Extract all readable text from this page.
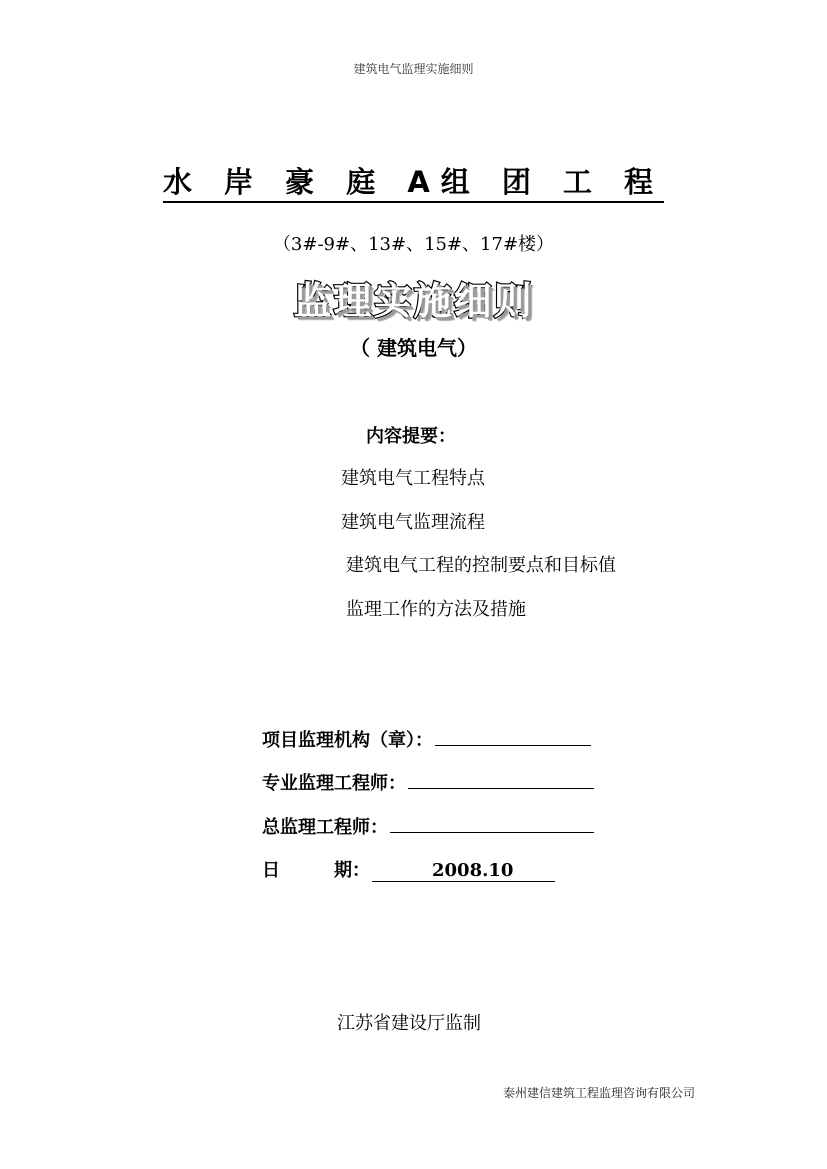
建筑电气监理实施细则
水 岸 豪 庭 A组 团 工 程
（3#-9#、13#、15#、17#楼）
监理实施细则
（ 建筑电气）
内容提要：
建筑电气工程特点
建筑电气监理流程
建筑电气工程的控制要点和目标值
监理工作的方法及措施
项目监理机构（章）：
专业监理工程师：
总监理工程师：
日　　　期：	2008.10
江苏省建设厅监制
泰州建信建筑工程监理咨询有限公司
